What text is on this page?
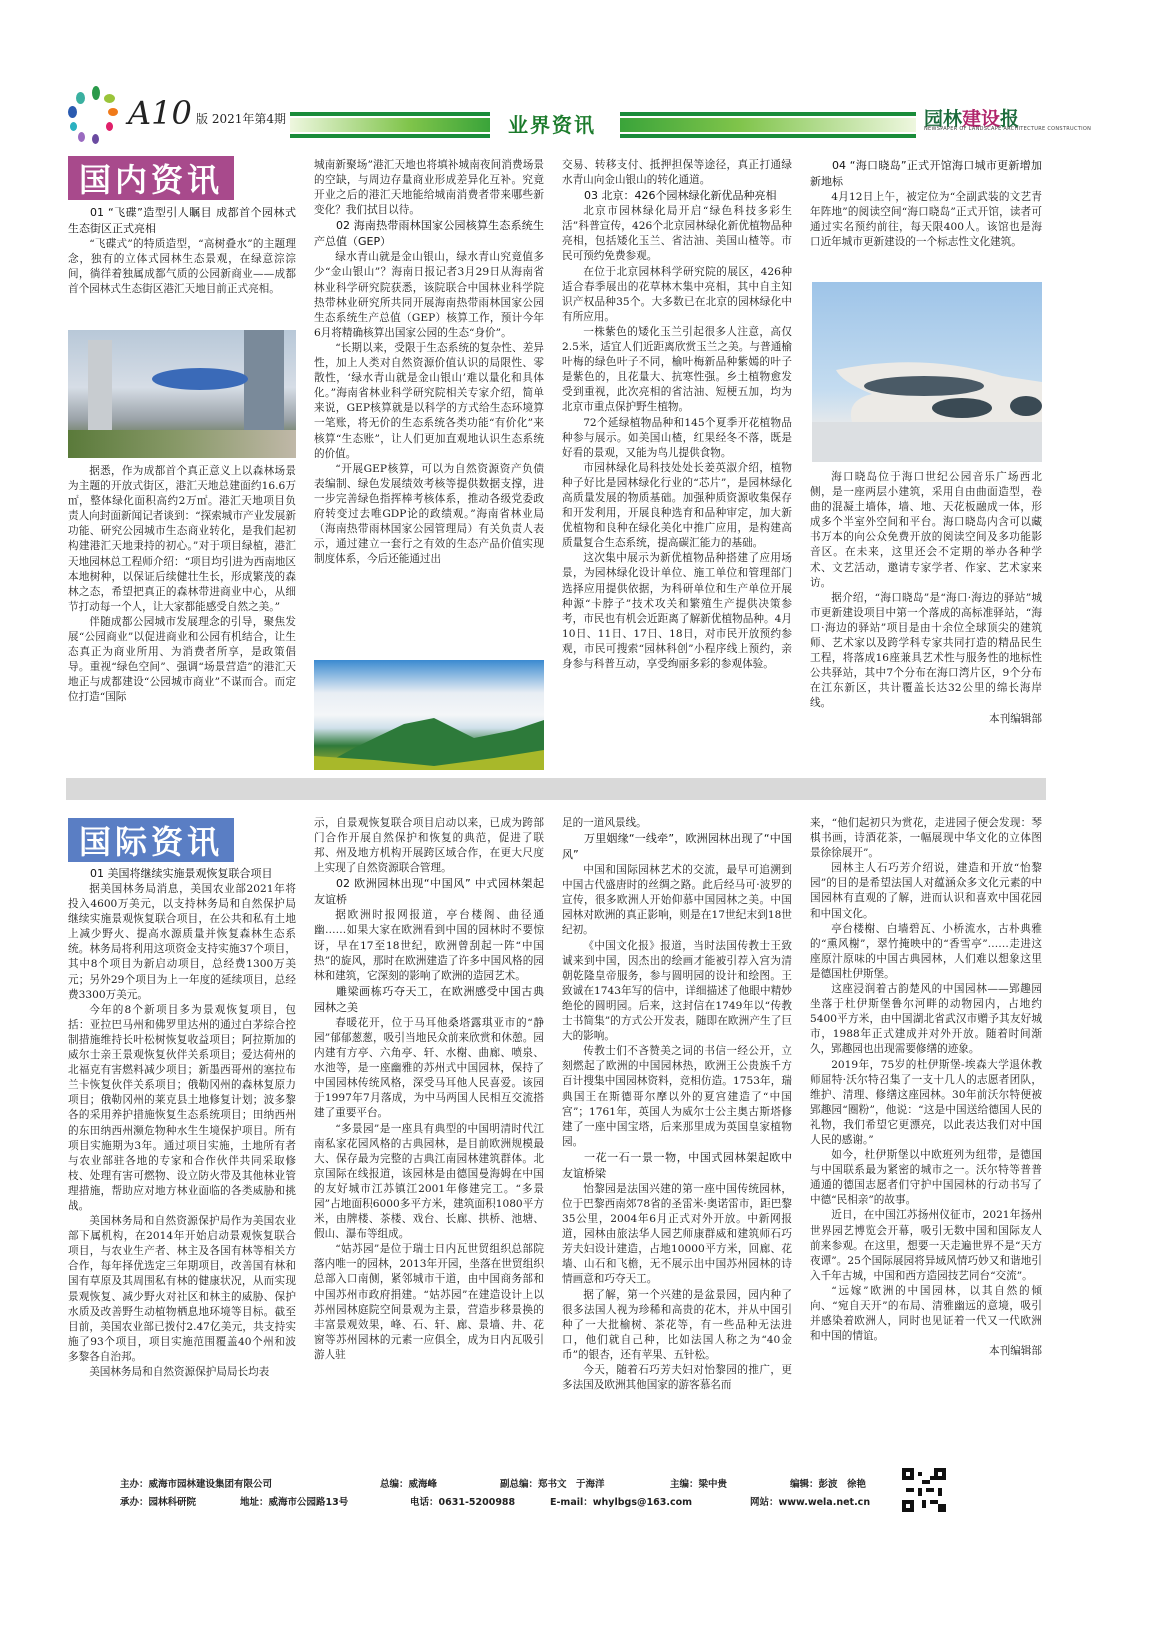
A10 版 2021年第4期	业界资讯	园林建设报
NEWSPAPER OF LANDSCAPE ARCHITECTURE CONSTRUCTION
国内资讯
01 “飞碟”造型引人瞩目 成都首个园林式生态街区正式亮相

“飞碟式”的特质造型，“高树叠水”的主题理念，独有的立体式园林生态景观，在绿意淙淙间，徜徉着独属成都气质的公园新商业——成都首个园林式生态街区港汇天地目前正式亮相。

据悉，作为成都首个真正意义上以森林场景为主题的开放式街区，港汇天地总建面约16.6万㎡，整体绿化面积高约2万㎡。港汇天地项目负责人向封面新闻记者谈到：“探索城市产业发展新功能、研究公园城市生态商业转化，是我们起初构建港汇天地秉持的初心。”对于项目绿植，港汇天地园林总工程师介绍：“项目均引进为西南地区本地树种，以保证后续健壮生长，形成繁茂的森林之态，希望把真正的森林带进商业中心，从细节打动每一个人，让大家都能感受自然之美。”

伴随成都公园城市发展理念的引导，聚焦发展“公园商业”以促进商业和公园有机结合，让生态真正为商业所用、为消费者所享，是政策倡导。重视“绿色空间”、强调“场景营造”的港汇天地正与成都建设“公园城市商业”不谋而合。而定位打造“国际

城南新聚场”港汇天地也将填补城南夜间消费场景的空缺，与周边存量商业形成差异化互补。究竟开业之后的港汇天地能给城南消费者带来哪些新变化？我们拭目以待。

02 海南热带雨林国家公园核算生态系统生产总值（GEP）

绿水青山就是金山银山，绿水青山究竟值多少“金山银山”？海南日报记者3月29日从海南省林业科学研究院获悉，该院联合中国林业科学院热带林业研究所共同开展海南热带雨林国家公园生态系统生产总值（GEP）核算工作，预计今年6月将精确核算出国家公园的生态“身价”。

“长期以来，受限于生态系统的复杂性、差异性，加上人类对自然资源价值认识的局限性、零散性，‘绿水青山就是金山银山’难以量化和具体化。”海南省林业科学研究院相关专家介绍，简单来说，GEP核算就是以科学的方式给生态环境算一笔账，将无价的生态系统各类功能“有价化”来核算“生态账”，让人们更加直观地认识生态系统的价值。

“开展GEP核算，可以为自然资源资产负债表编制、绿色发展绩效考核等提供数据支撑，进一步完善绿色指挥棒考核体系，推动各级党委政府转变过去唯GDP论的政绩观。”海南省林业局（海南热带雨林国家公园管理局）有关负责人表示，通过建立一套行之有效的生态产品价值实现制度体系，今后还能通过出

交易、转移支付、抵押担保等途径，真正打通绿水青山向金山银山的转化通道。

03 北京：426个园林绿化新优品种亮相

北京市园林绿化局开启“绿色科技多彩生活”科普宣传，426个北京园林绿化新优植物品种亮相，包括矮化玉兰、省沽油、美国山楂等。市民可预约免费参观。

在位于北京园林科学研究院的展区，426种适合春季展出的花草林木集中亮相，其中自主知识产权品种35个。大多数已在北京的园林绿化中有所应用。

一株紫色的矮化玉兰引起很多人注意，高仅2.5米，适宜人们近距离欣赏玉兰之美。与普通榆叶梅的绿色叶子不同，榆叶梅新品种紫嫣的叶子是紫色的，且花量大、抗寒性强。乡土植物愈发受到重视，此次亮相的省沽油、短梗五加，均为北京市重点保护野生植物。

72个延绿植物品种和145个夏季开花植物品种参与展示。如美国山楂，红果经冬不落，既是好看的景观，又能为鸟儿提供食物。

市园林绿化局科技处处长姜英淑介绍，植物种子好比是园林绿化行业的“芯片”，是园林绿化高质量发展的物质基础。加强种质资源收集保存和开发利用，开展良种选育和品种审定，加大新优植物和良种在绿化美化中推广应用，是构建高质量复合生态系统，提高碳汇能力的基础。

这次集中展示为新优植物品种搭建了应用场景，为园林绿化设计单位、施工单位和管理部门选择应用提供依据，为科研单位和生产单位开展种源“卡脖子”技术攻关和繁殖生产提供决策参考，市民也有机会近距离了解新优植物品种。4月10日、11日、17日、18日，对市民开放预约参观，市民可搜索“园林科创”小程序线上预约，亲身参与科普互动，享受绚丽多彩的参观体验。

04 “海口晓岛”正式开馆海口城市更新增加新地标

4月12日上午，被定位为“全副武装的文艺青年阵地”的阅读空间“海口晓岛”正式开馆，读者可通过实名预约前往，每天限400人。该馆也是海口近年城市更新建设的一个标志性文化建筑。

海口晓岛位于海口世纪公园音乐广场西北侧，是一座两层小建筑，采用自由曲面造型，卷曲的混凝土墙体，墙、地、天花板融成一体，形成多个半室外空间和平台。海口晓岛内含可以藏书万本的向公众免费开放的阅读空间及多功能影音区。在未来，这里还会不定期的举办各种学术、文艺活动，邀请专家学者、作家、艺术家来访。

据介绍，“海口晓岛”是“海口·海边的驿站”城市更新建设项目中第一个落成的高标准驿站，“海口·海边的驿站”项目是由十余位全球顶尖的建筑师、艺术家以及跨学科专家共同打造的精品民生工程，将落成16座兼具艺术性与服务性的地标性公共驿站，其中7个分布在海口湾片区，9个分布在江东新区，共计覆盖长达32公里的绵长海岸线。

本刊编辑部

国际资讯
01 美国将继续实施景观恢复联合项目

据美国林务局消息，美国农业部2021年将投入4600万美元，以支持林务局和自然保护局继续实施景观恢复联合项目，在公共和私有土地上减少野火、提高水源质量并恢复森林生态系统。林务局将利用这项资金支持实施37个项目，其中8个项目为新启动项目，总经费1300万美元；另外29个项目为上一年度的延续项目，总经费3300万美元。

今年的8个新项目多为景观恢复项目，包括：亚拉巴马州和佛罗里达州的通过白茅综合控制措施维持长叶松树恢复收益项目；阿拉斯加的威尔士亲王景观恢复伙伴关系项目；爱达荷州的北福克有害燃料减少项目；新墨西哥州的塞拉布兰卡恢复伙伴关系项目；俄勒冈州的森林复原力项目；俄勒冈州的莱克县土地修复计划；波多黎各的采用养护措施恢复生态系统项目；田纳西州的东田纳西州濒危物种水生生境保护项目。所有项目实施期为3年。通过项目实施，土地所有者与农业部驻各地的专家和合作伙伴共同采取修枝、处理有害可燃物、设立防火带及其他林业管理措施，帮助应对地方林业面临的各类威胁和挑战。

美国林务局和自然资源保护局作为美国农业部下属机构，在2014年开始启动景观恢复联合项目，与农业生产者、林主及各国有林等相关方合作，每年择优选定三年期项目，改善国有林和国有草原及其周围私有林的健康状况，从而实现景观恢复、减少野火对社区和林主的威胁、保护水质及改善野生动植物栖息地环境等目标。截至目前，美国农业部已拨付2.47亿美元，共支持实施了93个项目，项目实施范围覆盖40个州和波多黎各自治邦。

美国林务局和自然资源保护局局长均表

示，自景观恢复联合项目启动以来，已成为跨部门合作开展自然保护和恢复的典范，促进了联邦、州及地方机构开展跨区域合作，在更大尺度上实现了自然资源联合管理。

02 欧洲园林出现“中国风” 中式园林架起友谊桥

据欧洲时报网报道，亭台楼阁、曲径通幽……如果大家在欧洲看到中国的园林时不要惊讶，早在17至18世纪，欧洲曾刮起一阵“中国热”的旋风，那时在欧洲建造了许多中国风格的园林和建筑，它深刻的影响了欧洲的造园艺术。

雕梁画栋巧夺天工，在欧洲感受中国古典园林之美

春暖花开，位于马耳他桑塔露琪亚市的“静园”郁郁葱葱，吸引当地民众前来欣赏和休憩。园内建有方亭、六角亭、轩、水榭、曲廊、喷泉、水池等，是一座幽雅的苏州式中国园林，保持了中国园林传统风格，深受马耳他人民喜爱。该园于1997年7月落成，为中马两国人民相互交流搭建了重要平台。

“多景园”是一座具有典型的中国明清时代江南私家花园风格的古典园林，是目前欧洲规模最大、保存最为完整的古典江南园林建筑群体。北京国际在线报道，该园林是由德国曼海姆在中国的友好城市江苏镇江2001年修建完工。“多景园”占地面积6000多平方米，建筑面积1080平方米，由牌楼、茶楼、戏台、长廊、拱桥、池塘、假山、瀑布等组成。

“姑苏园”是位于瑞士日内瓦世贸组织总部院落内唯一的园林，2013年开园，坐落在世贸组织总部入口南侧，紧邻城市干道，由中国商务部和中国苏州市政府捐建。“姑苏园”在建造设计上以苏州园林庭院空间景观为主景，营造步移景换的丰富景观效果，峰、石、轩、廊、景墙、井、花窗等苏州园林的元素一应俱全，成为日内瓦吸引游人驻

足的一道风景线。

万里姻缘“一线牵”，欧洲园林出现了“中国风”

中国和国际园林艺术的交流，最早可追溯到中国古代盛唐时的丝绸之路。此后经马可·波罗的宣传，很多欧洲人开始仰慕中国园林之美。中国园林对欧洲的真正影响，则是在17世纪末到18世纪初。

《中国文化报》报道，当时法国传教士王致诚来到中国，因杰出的绘画才能被引荐入宫为清朝乾隆皇帝服务，参与圆明园的设计和绘图。王致诚在1743年写的信中，详细描述了他眼中精妙绝伦的圆明园。后来，这封信在1749年以“传教士书简集”的方式公开发表，随即在欧洲产生了巨大的影响。

传教士们不吝赞美之词的书信一经公开，立刻燃起了欧洲的中国园林热，欧洲王公贵族千方百计搜集中国园林资料，竞相仿造。1753年，瑞典国王在斯德哥尔摩以外的夏宫建造了“中国宫”；1761年，英国人为威尔士公主奥古斯塔修建了一座中国宝塔，后来那里成为英国皇家植物园。

一花一石一景一物，中国式园林架起欧中友谊桥梁

怡黎园是法国兴建的第一座中国传统园林，位于巴黎西南郊78省的圣雷米·奥诺雷市，距巴黎35公里，2004年6月正式对外开放。中新网报道，园林由旅法华人园艺师康群威和建筑师石巧芳夫妇设计建造，占地10000平方米，回廊、花墙、山石和飞檐，无不展示出中国苏州园林的诗情画意和巧夺天工。

据了解，第一个兴建的是盆景园，园内种了很多法国人视为珍稀和高贵的花木，并从中国引种了一大批榆树、茶花等，有一些品种无法进口，他们就自己种，比如法国人称之为“40金币”的银杏，还有苹果、五针松。

今天，随着石巧芳夫妇对怡黎园的推广，更多法国及欧洲其他国家的游客慕名而

来，“他们起初只为赏花，走进园子便会发现：琴棋书画，诗酒花茶，一幅展现中华文化的立体图景徐徐展开”。

园林主人石巧芳介绍说，建造和开放“怡黎园”的目的是希望法国人对蕴涵众多文化元素的中国园林有直观的了解，进而认识和喜欢中国花园和中国文化。

亭台楼榭、白墙碧瓦、小桥流水，古朴典雅的“熏风榭”，翠竹掩映中的“香雪亭”……走进这座原汁原味的中国古典园林，人们难以想象这里是德国杜伊斯堡。

这座浸润着古韵楚风的中国园林——郢趣园坐落于杜伊斯堡鲁尔河畔的动物园内，占地约5400平方米，由中国湖北省武汉市赠予其友好城市，1988年正式建成并对外开放。随着时间渐久，郢趣园也出现需要修缮的迹象。

2019年，75岁的杜伊斯堡-埃森大学退休教师屈特·沃尔特召集了一支十几人的志愿者团队，维护、清理、修缮这座园林。30年前沃尔特便被郢趣园“圈粉”，他说：“这是中国送给德国人民的礼物，我们希望它更漂亮，以此表达我们对中国人民的感谢。”

如今，杜伊斯堡以中欧班列为纽带，是德国与中国联系最为紧密的城市之一。沃尔特等普普通通的德国志愿者们守护中国园林的行动书写了中德“民相亲”的故事。

近日，在中国江苏扬州仪征市，2021年扬州世界园艺博览会开幕，吸引无数中国和国际友人前来参观。在这里，想要一天走遍世界不是“天方夜谭”。25个国际展园将异域风情巧妙又和谐地引入千年古城，中国和西方造园技艺同台“交流”。

“远嫁”欧洲的中国园林，以其自然的倾向、“宛自天开”的布局、清雅幽远的意境，吸引并感染着欧洲人，同时也见证着一代又一代欧洲和中国的情谊。

本刊编辑部

主办：威海市园林建设集团有限公司	总编：威海峰	副总编：郑书文　于海洋	主编：梁中贵	编辑：彭波　徐艳
承办：园林科研院	地址：威海市公园路13号	电话：0631-5200988	E-mail：whylbgs@163.com	网站：www.wela.net.cn
